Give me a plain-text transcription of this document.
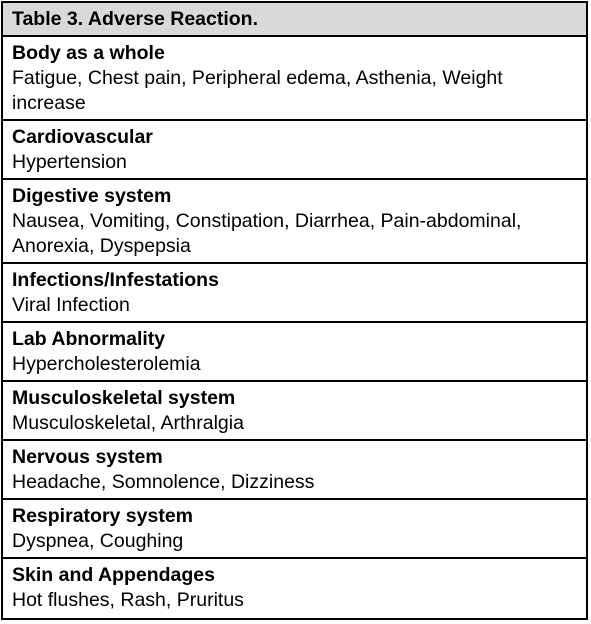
Table 3. Adverse Reaction.
Body as a whole
Fatigue, Chest pain, Peripheral edema, Asthenia, Weight increase
Cardiovascular
Hypertension
Digestive system
Nausea, Vomiting, Constipation, Diarrhea, Pain-abdominal, Anorexia, Dyspepsia
Infections/Infestations
Viral Infection
Lab Abnormality
Hypercholesterolemia
Musculoskeletal system
Musculoskeletal, Arthralgia
Nervous system
Headache, Somnolence, Dizziness
Respiratory system
Dyspnea, Coughing
Skin and Appendages
Hot flushes, Rash, Pruritus
